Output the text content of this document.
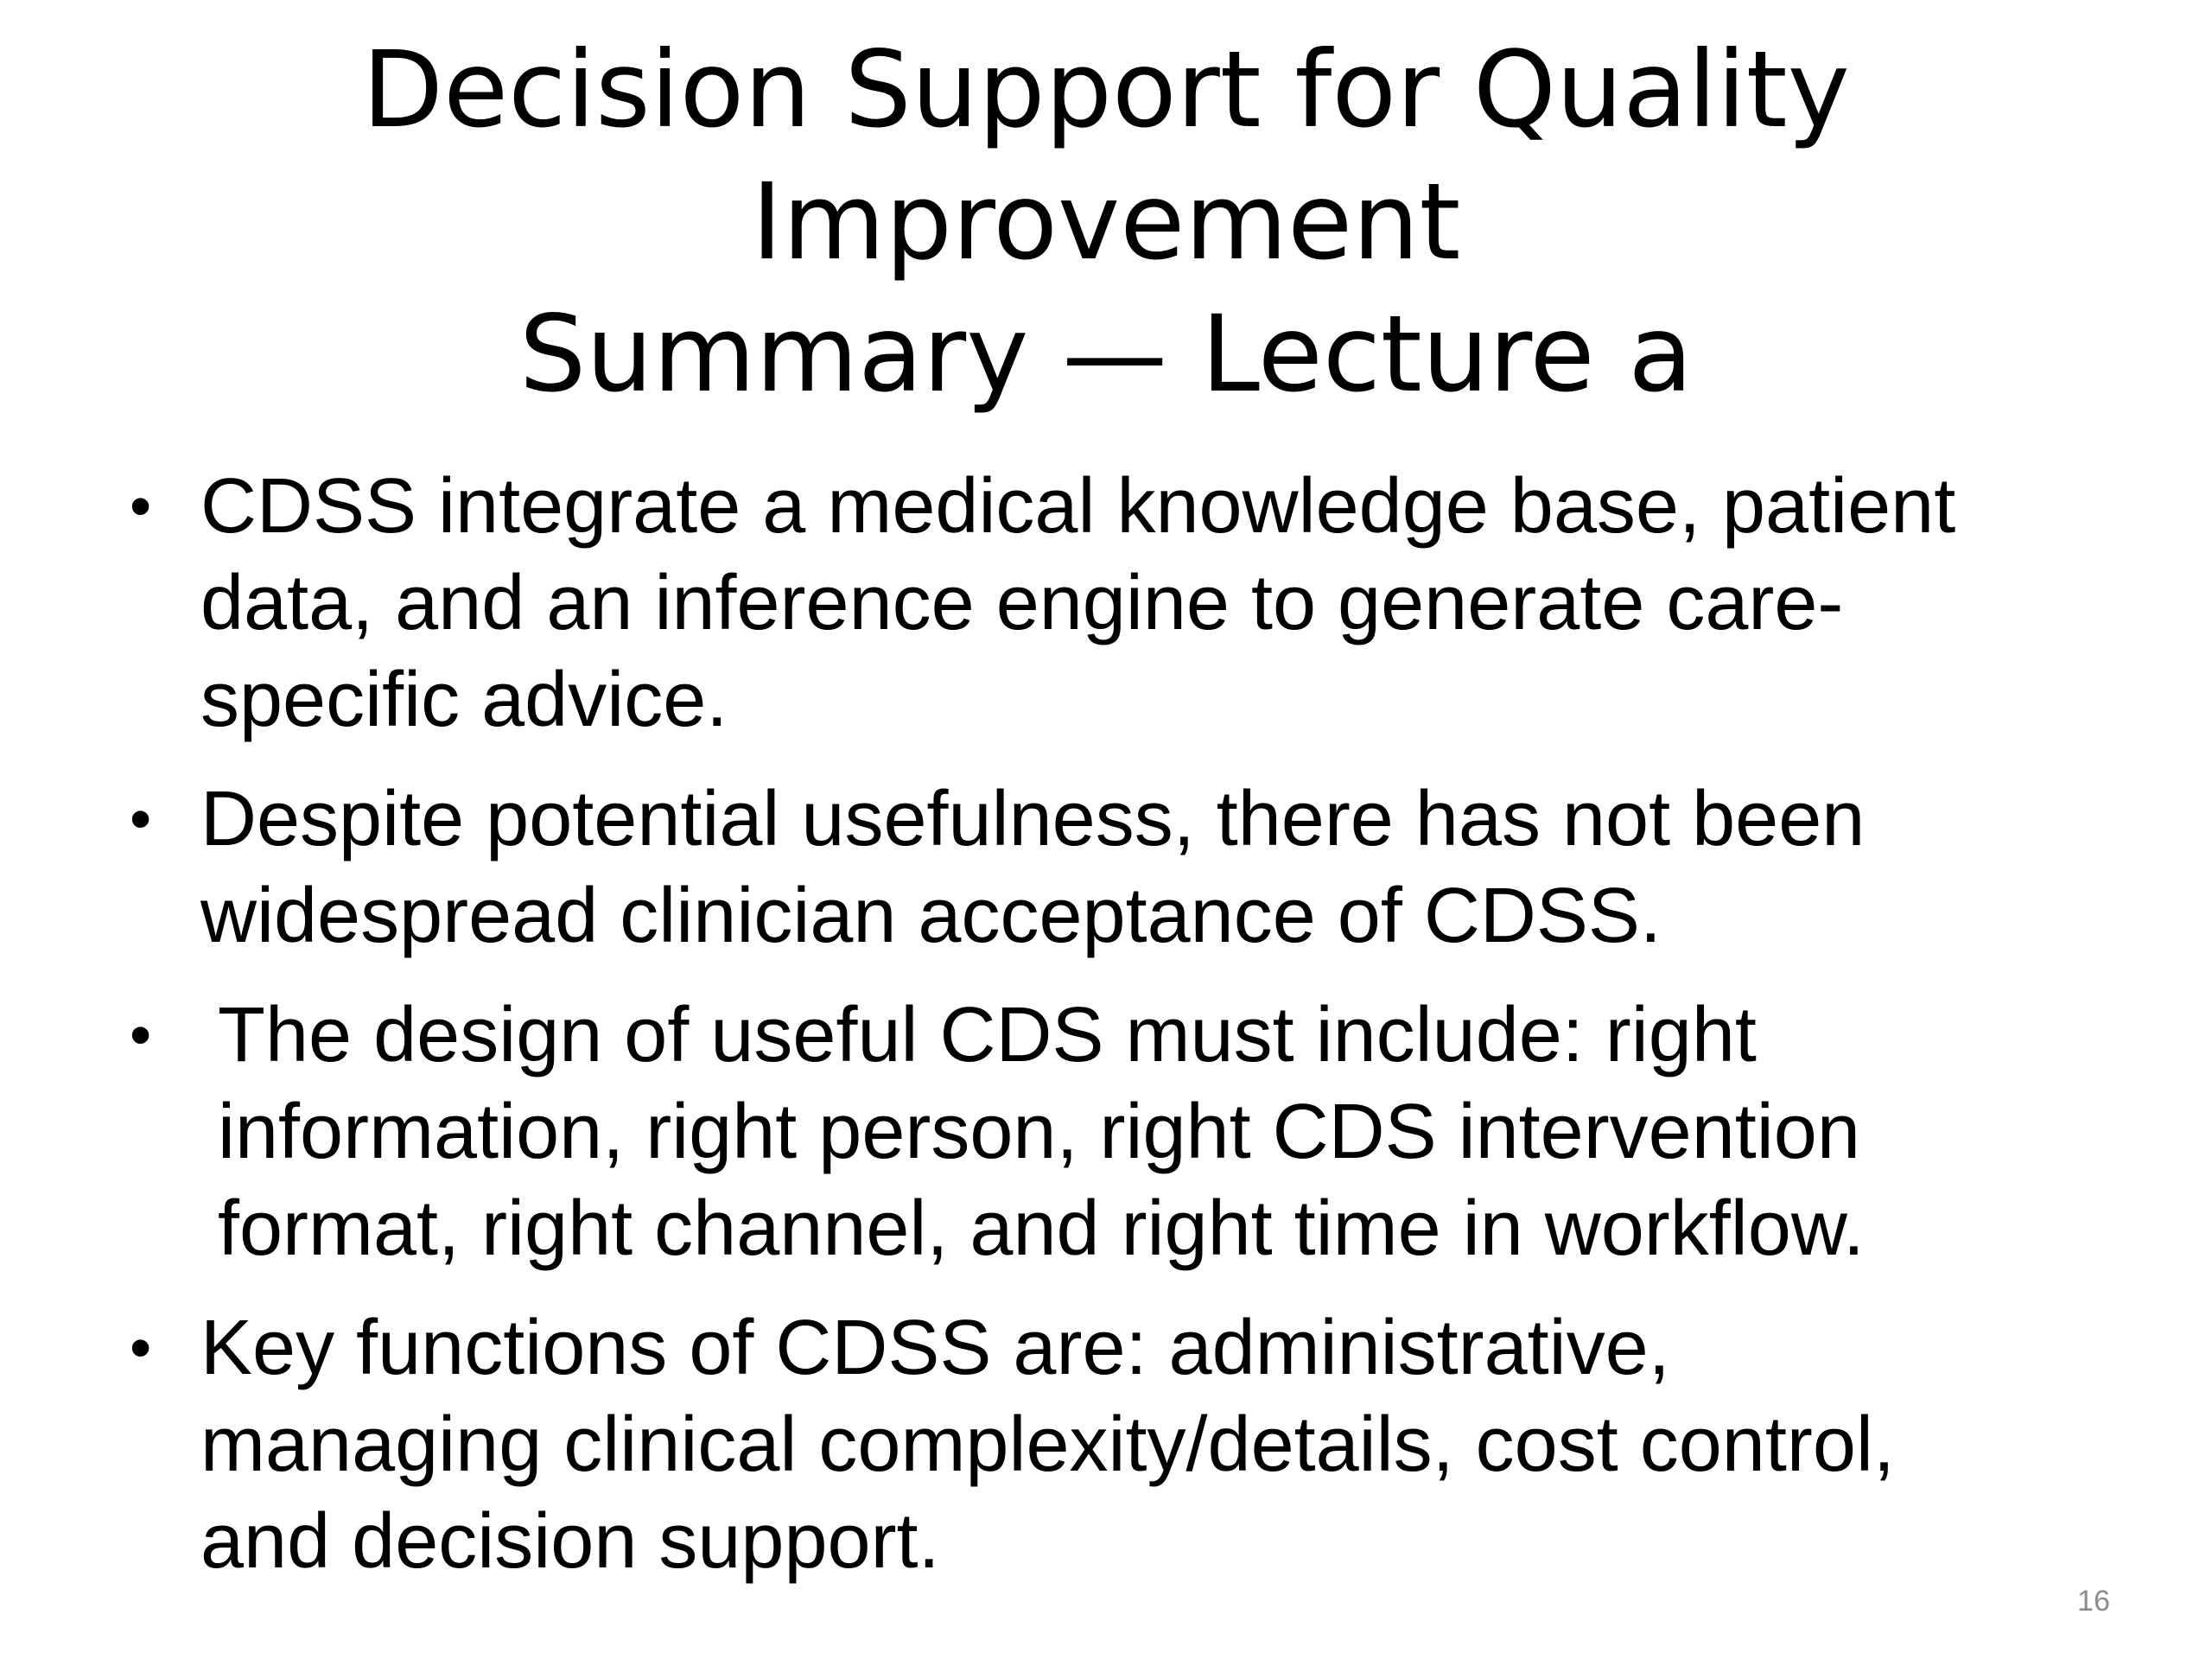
Decision Support for Quality
Improvement
Summary — Lecture a
• CDSS integrate a medical knowledge base, patient
data, and an inference engine to generate care-
specific advice.
• Despite potential usefulness, there has not been
widespread clinician acceptance of CDSS.
• The design of useful CDS must include: right
information, right person, right CDS intervention
format, right channel, and right time in workflow.
• Key functions of CDSS are: administrative,
managing clinical complexity/details, cost control,
and decision support.
16
